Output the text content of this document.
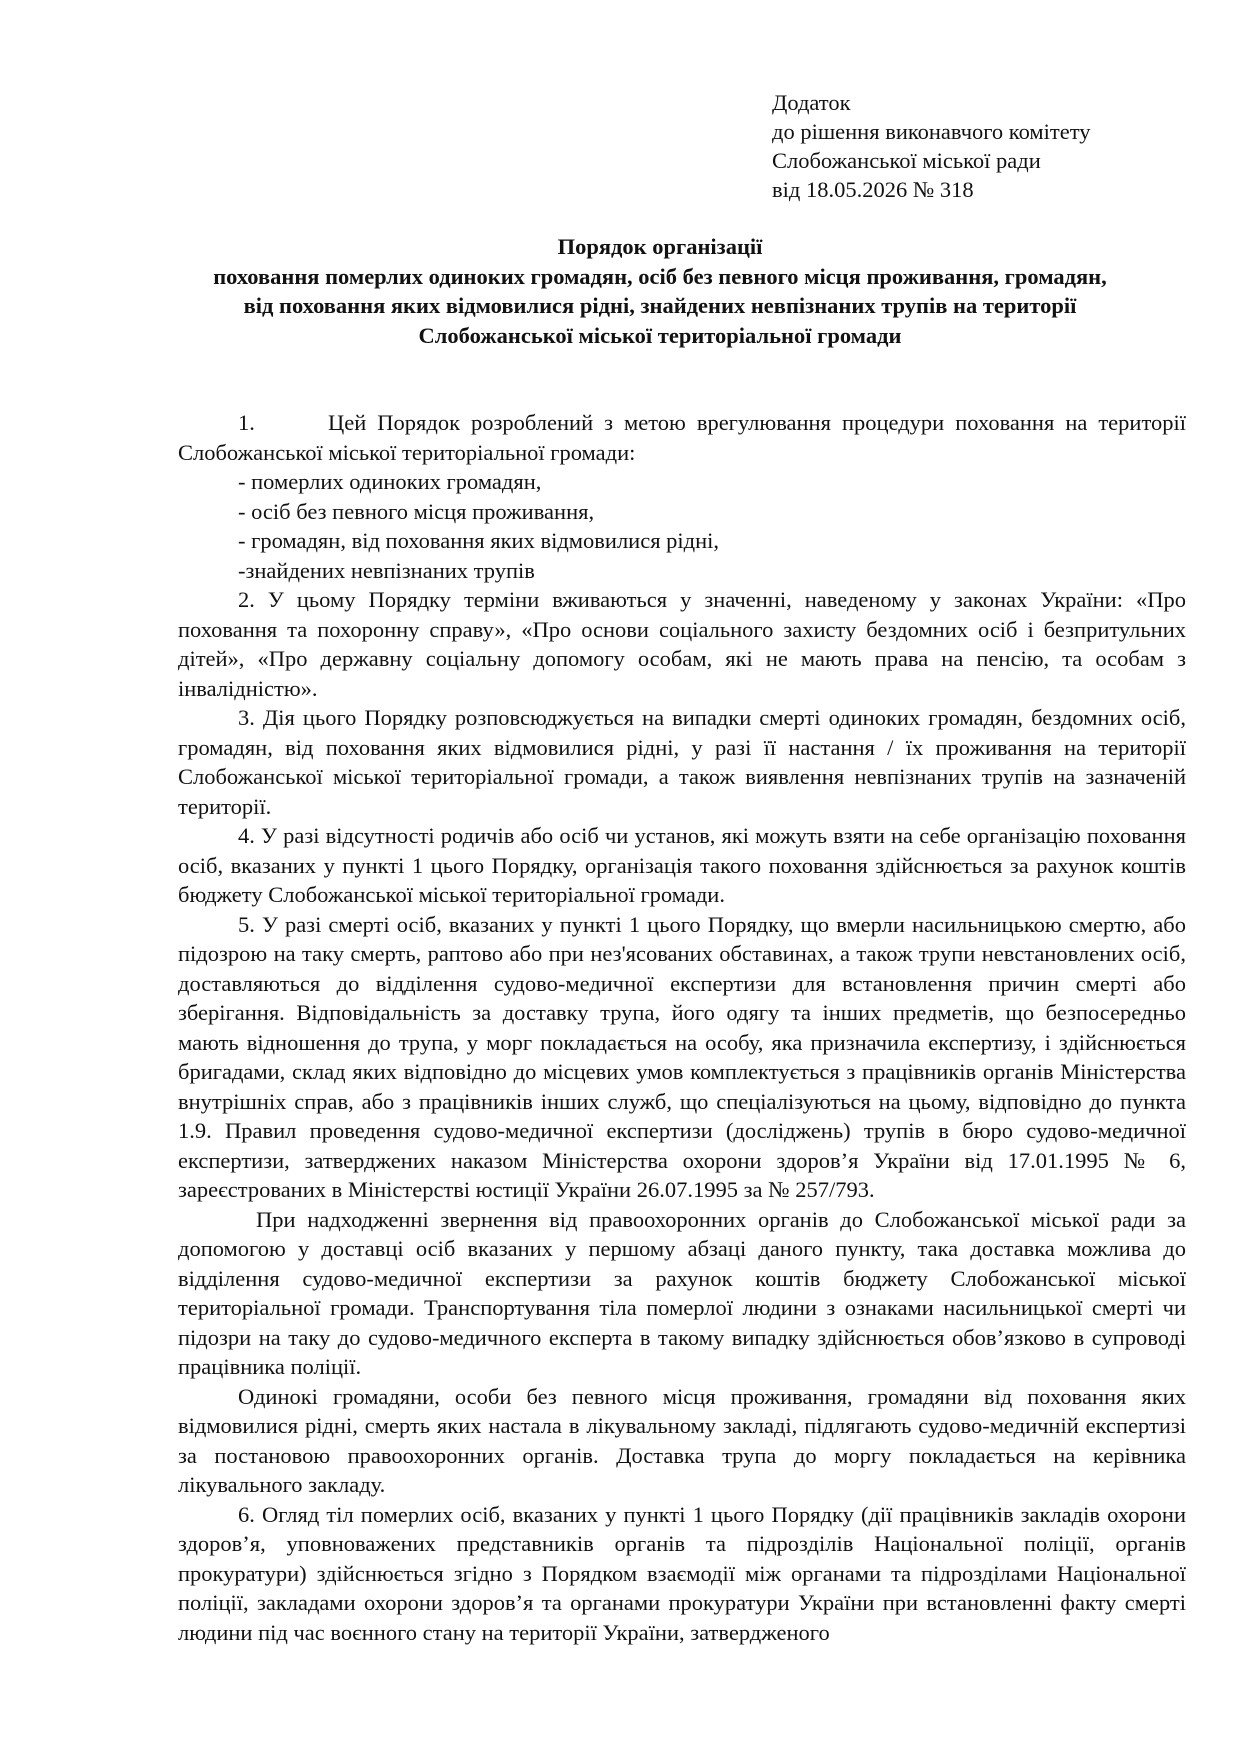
Додаток
до рішення виконавчого комітету
Слобожанської міської ради
від 18.05.2026 № 318
Порядок організації
поховання померлих одиноких громадян, осіб без певного місця проживання, громадян,
від поховання яких відмовилися рідні, знайдених невпізнаних трупів на території
Слобожанської міської територіальної громади

1.	Цей Порядок розроблений з метою врегулювання процедури поховання на території Слобожанської міської територіальної громади:

- померлих одиноких громадян,
- осіб без певного місця проживання,
- громадян, від поховання яких відмовилися рідні,
-знайдених невпізнаних трупів

2. У цьому Порядку терміни вживаються у значенні, наведеному у законах України: «Про поховання та похоронну справу», «Про основи соціального захисту бездомних осіб і безпритульних дітей», «Про державну соціальну допомогу особам, які не мають права на пенсію, та особам з інвалідністю».

3. Дія цього Порядку розповсюджується на випадки смерті одиноких громадян, бездомних осіб, громадян, від поховання яких відмовилися рідні, у разі її настання / їх проживання на території Слобожанської міської територіальної громади, а також виявлення невпізнаних трупів на зазначеній території.

4. У разі відсутності родичів або осіб чи установ, які можуть взяти на себе організацію поховання осіб, вказаних у пункті 1 цього Порядку, організація такого поховання здійснюється за рахунок коштів бюджету Слобожанської міської територіальної громади.

5. У разі смерті осіб, вказаних у пункті 1 цього Порядку, що вмерли насильницькою смертю, або підозрою на таку смерть, раптово або при нез'ясованих обставинах, а також трупи невстановлених осіб, доставляються до відділення судово-медичної експертизи для встановлення причин смерті або зберігання. Відповідальність за доставку трупа, його одягу та інших предметів, що безпосередньо мають відношення до трупа, у морг покладається на особу, яка призначила експертизу, і здійснюється бригадами, склад яких відповідно до місцевих умов комплектується з працівників органів Міністерства внутрішніх справ, або з працівників інших служб, що спеціалізуються на цьому, відповідно до пункта 1.9. Правил проведення судово-медичної експертизи (досліджень) трупів в бюро судово-медичної експертизи, затверджених наказом Міністерства охорони здоров’я України від 17.01.1995 № 6, зареєстрованих в Міністерстві юстиції України 26.07.1995 за № 257/793.

При надходженні звернення від правоохоронних органів до Слобожанської міської ради за допомогою у доставці осіб вказаних у першому абзаці даного пункту, така доставка можлива до відділення судово-медичної експертизи за рахунок коштів бюджету Слобожанської міської територіальної громади. Транспортування тіла померлої людини з ознаками насильницької смерті чи підозри на таку до судово-медичного експерта в такому випадку здійснюється обов’язково в супроводі працівника поліції.

Одинокі громадяни, особи без певного місця проживання, громадяни від поховання яких відмовилися рідні, смерть яких настала в лікувальному закладі, підлягають судово-медичній експертизі за постановою правоохоронних органів. Доставка трупа до моргу покладається на керівника лікувального закладу.

6. Огляд тіл померлих осіб, вказаних у пункті 1 цього Порядку (дії працівників закладів охорони здоров’я, уповноважених представників органів та підрозділів Національної поліції, органів прокуратури) здійснюється згідно з Порядком взаємодії між органами та підрозділами Національної поліції, закладами охорони здоров’я та органами прокуратури України при встановленні факту смерті людини під час воєнного стану на території України, затвердженого
